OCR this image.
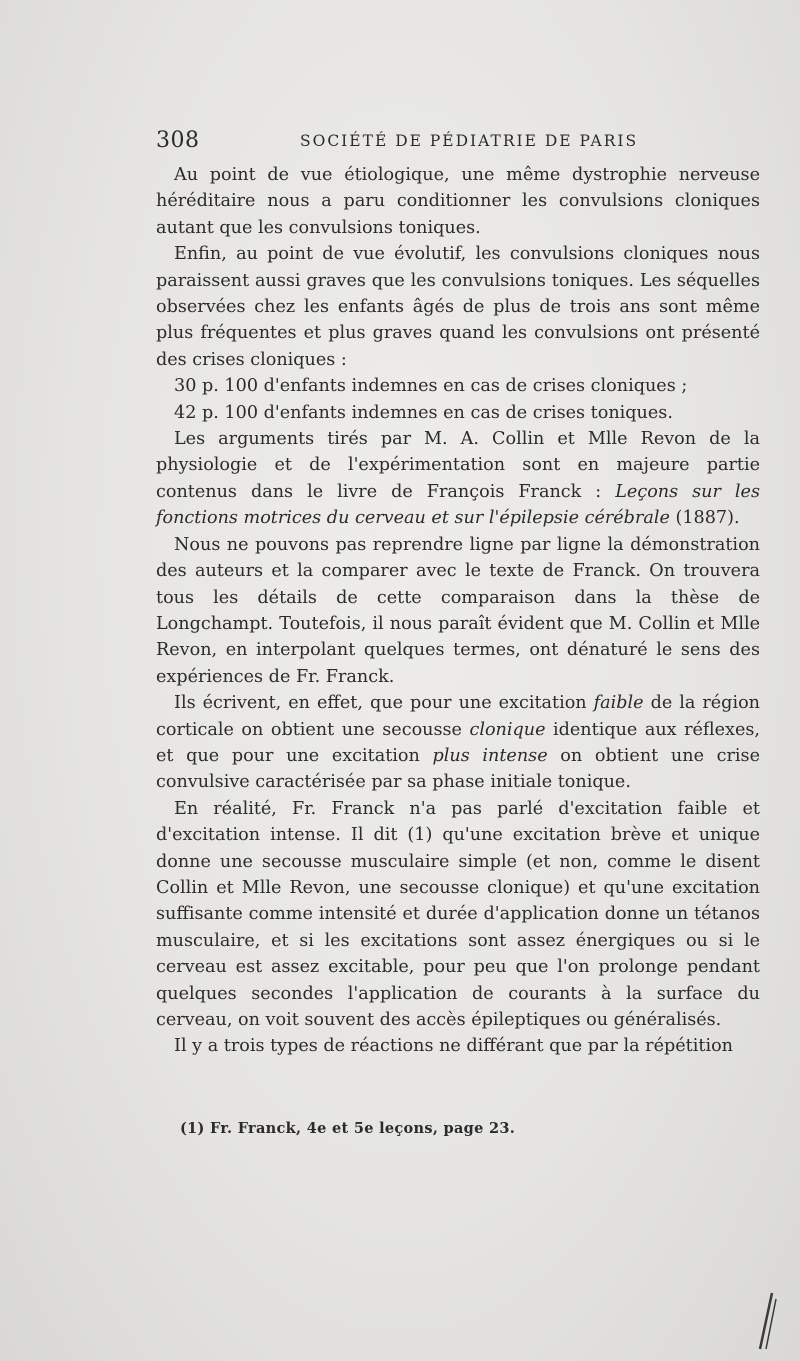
308	SOCIÉTÉ DE PÉDIATRIE DE PARIS

Au point de vue étiologique, une même dystrophie nerveuse héréditaire nous a paru conditionner les convulsions cloniques autant que les convulsions toniques.

Enfin, au point de vue évolutif, les convulsions cloniques nous paraissent aussi graves que les convulsions toniques. Les séquelles observées chez les enfants âgés de plus de trois ans sont même plus fréquentes et plus graves quand les convulsions ont présenté des crises cloniques :

30 p. 100 d'enfants indemnes en cas de crises cloniques ;

42 p. 100 d'enfants indemnes en cas de crises toniques.

Les arguments tirés par M. A. Collin et Mlle Revon de la physiologie et de l'expérimentation sont en majeure partie contenus dans le livre de François Franck : Leçons sur les fonctions motrices du cerveau et sur l'épilepsie cérébrale (1887).

Nous ne pouvons pas reprendre ligne par ligne la démonstration des auteurs et la comparer avec le texte de Franck. On trouvera tous les détails de cette comparaison dans la thèse de Longchampt. Toutefois, il nous paraît évident que M. Collin et Mlle Revon, en interpolant quelques termes, ont dénaturé le sens des expériences de Fr. Franck.

Ils écrivent, en effet, que pour une excitation faible de la région corticale on obtient une secousse clonique identique aux réflexes, et que pour une excitation plus intense on obtient une crise convulsive caractérisée par sa phase initiale tonique.

En réalité, Fr. Franck n'a pas parlé d'excitation faible et d'excitation intense. Il dit (1) qu'une excitation brève et unique donne une secousse musculaire simple (et non, comme le disent Collin et Mlle Revon, une secousse clonique) et qu'une excitation suffisante comme intensité et durée d'application donne un tétanos musculaire, et si les excitations sont assez énergiques ou si le cerveau est assez excitable, pour peu que l'on prolonge pendant quelques secondes l'application de courants à la surface du cerveau, on voit souvent des accès épileptiques ou généralisés.

Il y a trois types de réactions ne différant que par la répétition

(1) Fr. Franck, 4e et 5e leçons, page 23.
